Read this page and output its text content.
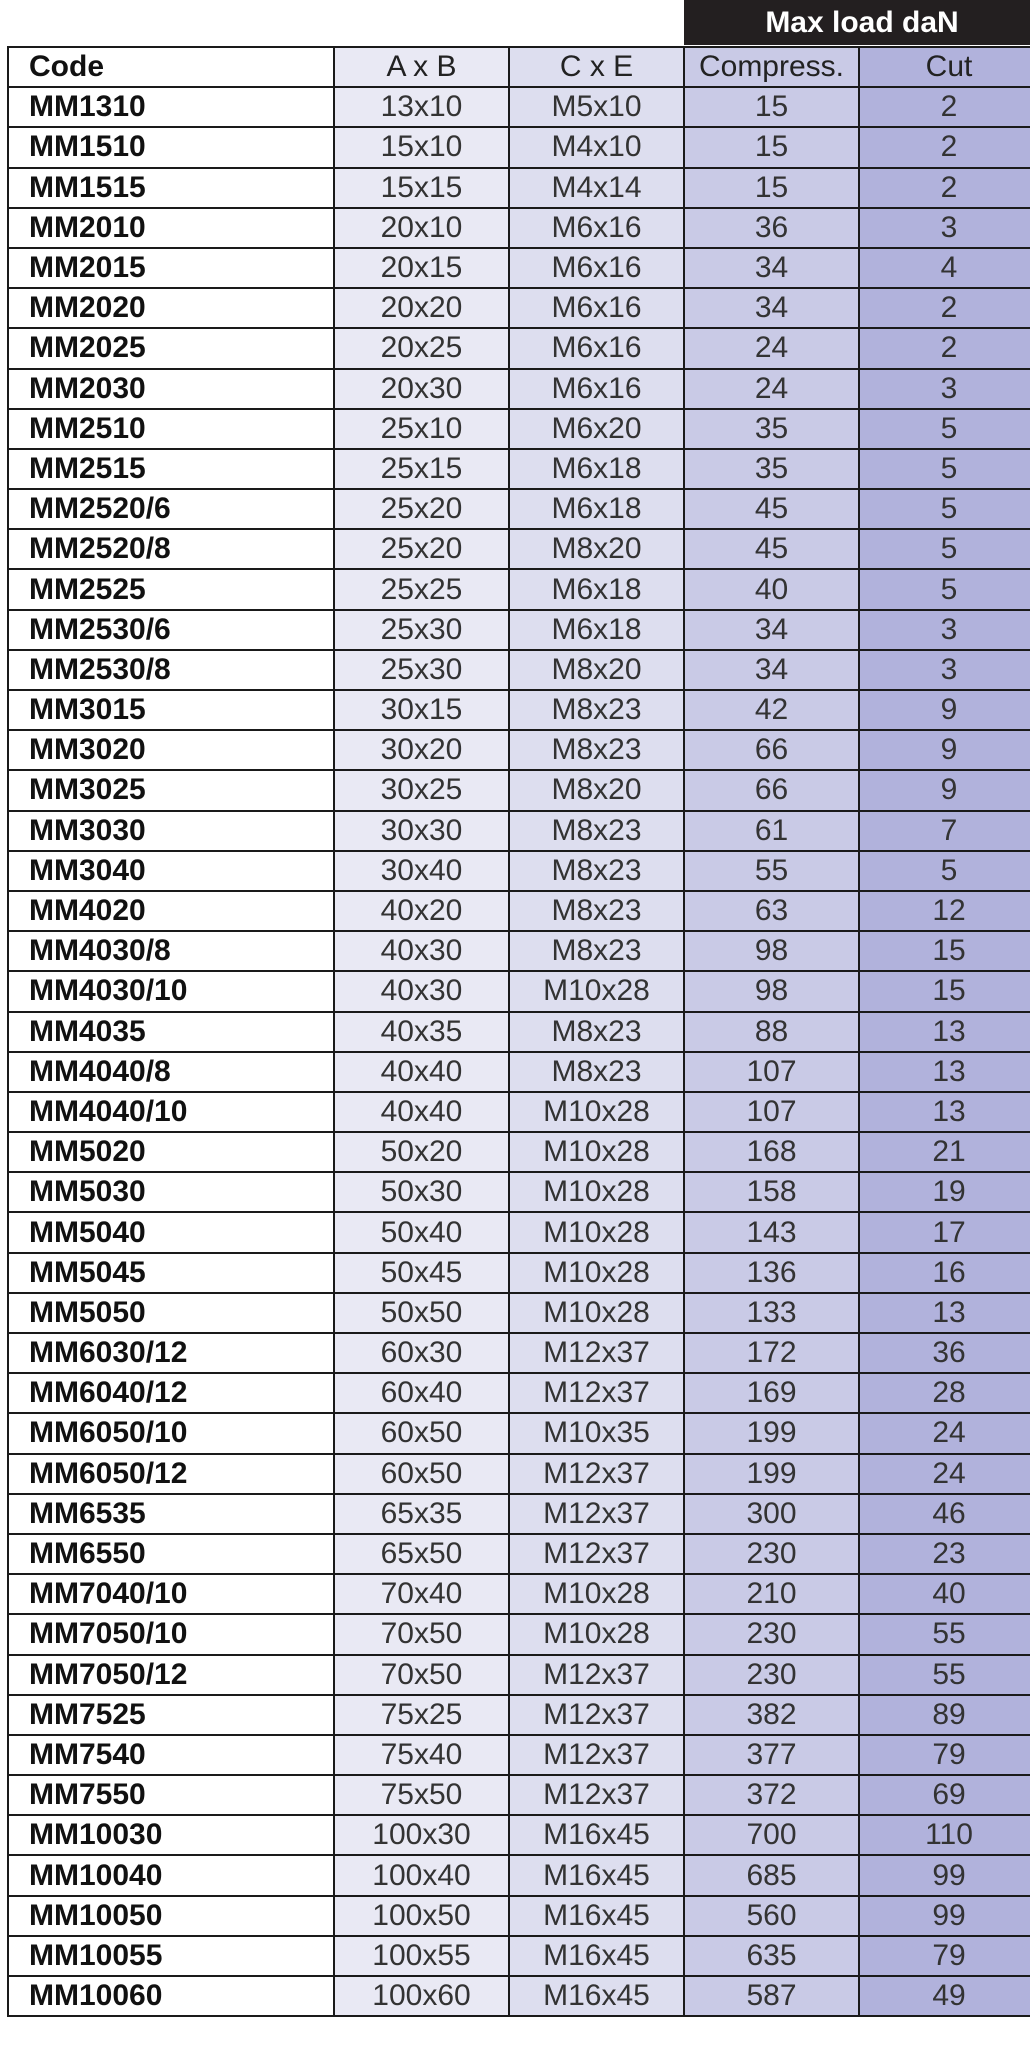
Max load daN
Code	A x B	C x E	Compress.	Cut
MM1310	13x10	M5x10	15	2
MM1510	15x10	M4x10	15	2
MM1515	15x15	M4x14	15	2
MM2010	20x10	M6x16	36	3
MM2015	20x15	M6x16	34	4
MM2020	20x20	M6x16	34	2
MM2025	20x25	M6x16	24	2
MM2030	20x30	M6x16	24	3
MM2510	25x10	M6x20	35	5
MM2515	25x15	M6x18	35	5
MM2520/6	25x20	M6x18	45	5
MM2520/8	25x20	M8x20	45	5
MM2525	25x25	M6x18	40	5
MM2530/6	25x30	M6x18	34	3
MM2530/8	25x30	M8x20	34	3
MM3015	30x15	M8x23	42	9
MM3020	30x20	M8x23	66	9
MM3025	30x25	M8x20	66	9
MM3030	30x30	M8x23	61	7
MM3040	30x40	M8x23	55	5
MM4020	40x20	M8x23	63	12
MM4030/8	40x30	M8x23	98	15
MM4030/10	40x30	M10x28	98	15
MM4035	40x35	M8x23	88	13
MM4040/8	40x40	M8x23	107	13
MM4040/10	40x40	M10x28	107	13
MM5020	50x20	M10x28	168	21
MM5030	50x30	M10x28	158	19
MM5040	50x40	M10x28	143	17
MM5045	50x45	M10x28	136	16
MM5050	50x50	M10x28	133	13
MM6030/12	60x30	M12x37	172	36
MM6040/12	60x40	M12x37	169	28
MM6050/10	60x50	M10x35	199	24
MM6050/12	60x50	M12x37	199	24
MM6535	65x35	M12x37	300	46
MM6550	65x50	M12x37	230	23
MM7040/10	70x40	M10x28	210	40
MM7050/10	70x50	M10x28	230	55
MM7050/12	70x50	M12x37	230	55
MM7525	75x25	M12x37	382	89
MM7540	75x40	M12x37	377	79
MM7550	75x50	M12x37	372	69
MM10030	100x30	M16x45	700	110
MM10040	100x40	M16x45	685	99
MM10050	100x50	M16x45	560	99
MM10055	100x55	M16x45	635	79
MM10060	100x60	M16x45	587	49
